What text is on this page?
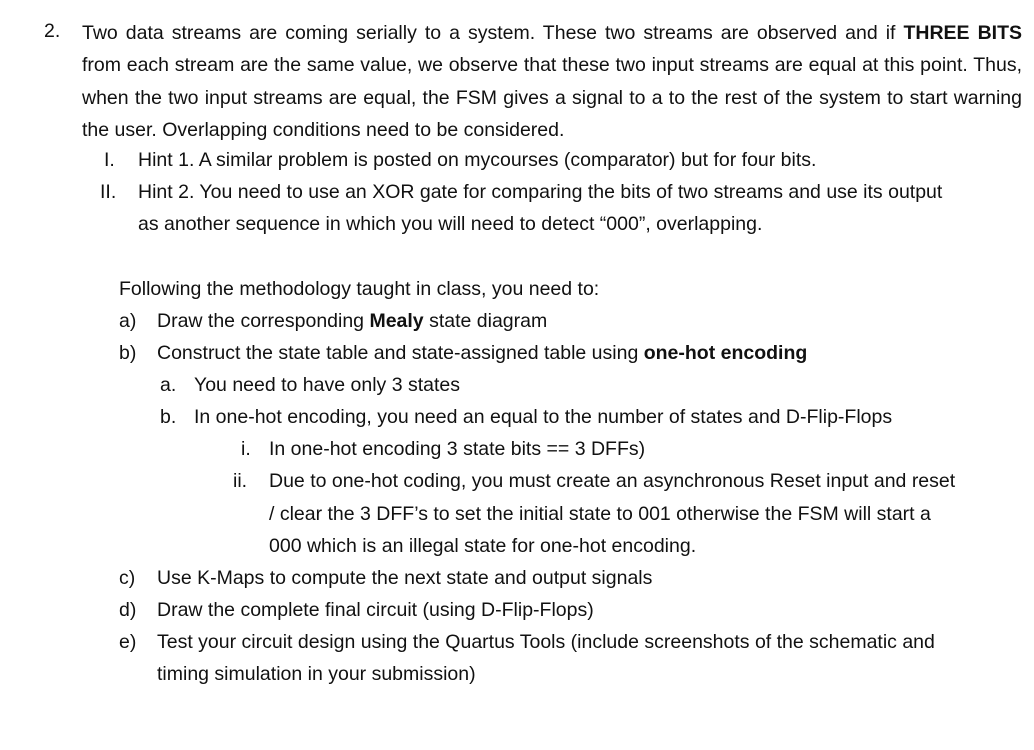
2. Two data streams are coming serially to a system. These two streams are observed and if THREE BITS from each stream are the same value, we observe that these two input streams are equal at this point. Thus, when the two input streams are equal, the FSM gives a signal to a to the rest of the system to start warning the user. Overlapping conditions need to be considered.
I. Hint 1. A similar problem is posted on mycourses (comparator) but for four bits.
II. Hint 2. You need to use an XOR gate for comparing the bits of two streams and use its output
as another sequence in which you will need to detect “000”, overlapping.
Following the methodology taught in class, you need to:
a) Draw the corresponding Mealy state diagram
b) Construct the state table and state-assigned table using one-hot encoding
a. You need to have only 3 states
b. In one-hot encoding, you need an equal to the number of states and D-Flip-Flops
i. In one-hot encoding 3 state bits == 3 DFFs)
ii. Due to one-hot coding, you must create an asynchronous Reset input and reset
/ clear the 3 DFF’s to set the initial state to 001 otherwise the FSM will start a
000 which is an illegal state for one-hot encoding.
c) Use K-Maps to compute the next state and output signals
d) Draw the complete final circuit (using D-Flip-Flops)
e) Test your circuit design using the Quartus Tools (include screenshots of the schematic and
timing simulation in your submission)
